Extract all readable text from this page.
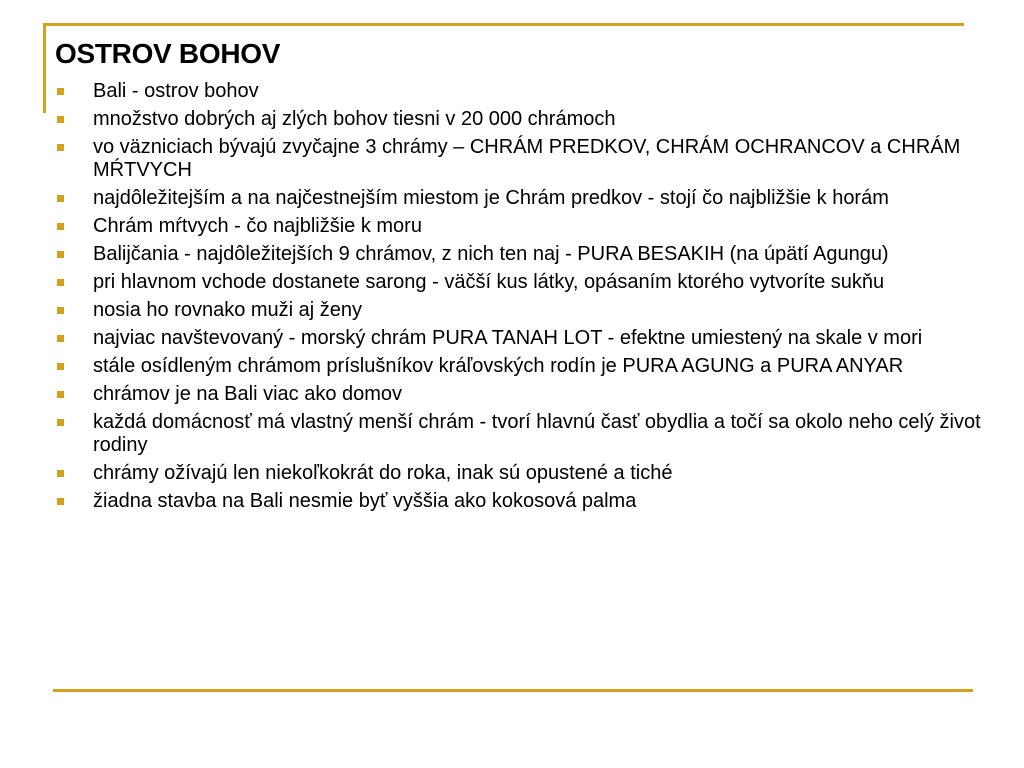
OSTROV BOHOV
Bali - ostrov bohov
množstvo dobrých aj zlých bohov tiesni v 20 000 chrámoch
vo väzniciach bývajú zvyčajne 3 chrámy – CHRÁM PREDKOV, CHRÁM OCHRANCOV a CHRÁM MŔTVYCH
najdôležitejším a na najčestnejším miestom je Chrám predkov - stojí čo najbližšie k horám
Chrám mŕtvych - čo najbližšie k moru
Balijčania - najdôležitejších 9 chrámov, z nich ten naj - PURA BESAKIH (na úpätí Agungu)
pri hlavnom vchode dostanete sarong - väčší kus látky, opásaním ktorého vytvoríte sukňu
nosia ho rovnako muži aj ženy
najviac navštevovaný - morský chrám PURA TANAH LOT - efektne umiestený na skale v mori
stále osídleným chrámom príslušníkov kráľovských rodín je PURA AGUNG a PURA ANYAR
chrámov je na Bali viac ako domov
každá domácnosť má vlastný menší chrám - tvorí hlavnú časť obydlia a točí sa okolo neho celý život rodiny
chrámy ožívajú len niekoľkokrát do roka, inak sú opustené a tiché
žiadna stavba na Bali nesmie byť vyššia ako kokosová palma
